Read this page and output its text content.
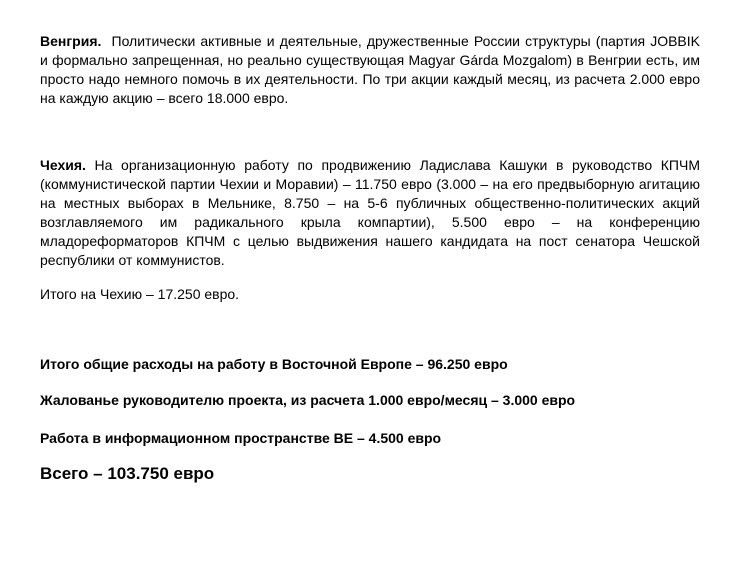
Венгрия. Политически активные и деятельные, дружественные России структуры (партия JOBBIK и формально запрещенная, но реально существующая Magyar Gárda Mozgalom) в Венгрии есть, им просто надо немного помочь в их деятельности. По три акции каждый месяц, из расчета 2.000 евро на каждую акцию – всего 18.000 евро.

Чехия. На организационную работу по продвижению Ладислава Кашуки в руководство КПЧМ (коммунистической партии Чехии и Моравии) – 11.750 евро (3.000 – на его предвыборную агитацию на местных выборах в Мельнике, 8.750 – на 5-6 публичных общественно-политических акций возглавляемого им радикального крыла компартии), 5.500 евро – на конференцию младореформаторов КПЧМ с целью выдвижения нашего кандидата на пост сенатора Чешской республики от коммунистов.

Итого на Чехию – 17.250 евро.

Итого общие расходы на работу в Восточной Европе – 96.250 евро

Жалованье руководителю проекта, из расчета 1.000 евро/месяц – 3.000 евро

Работа в информационном пространстве ВЕ – 4.500 евро

Всего – 103.750 евро
